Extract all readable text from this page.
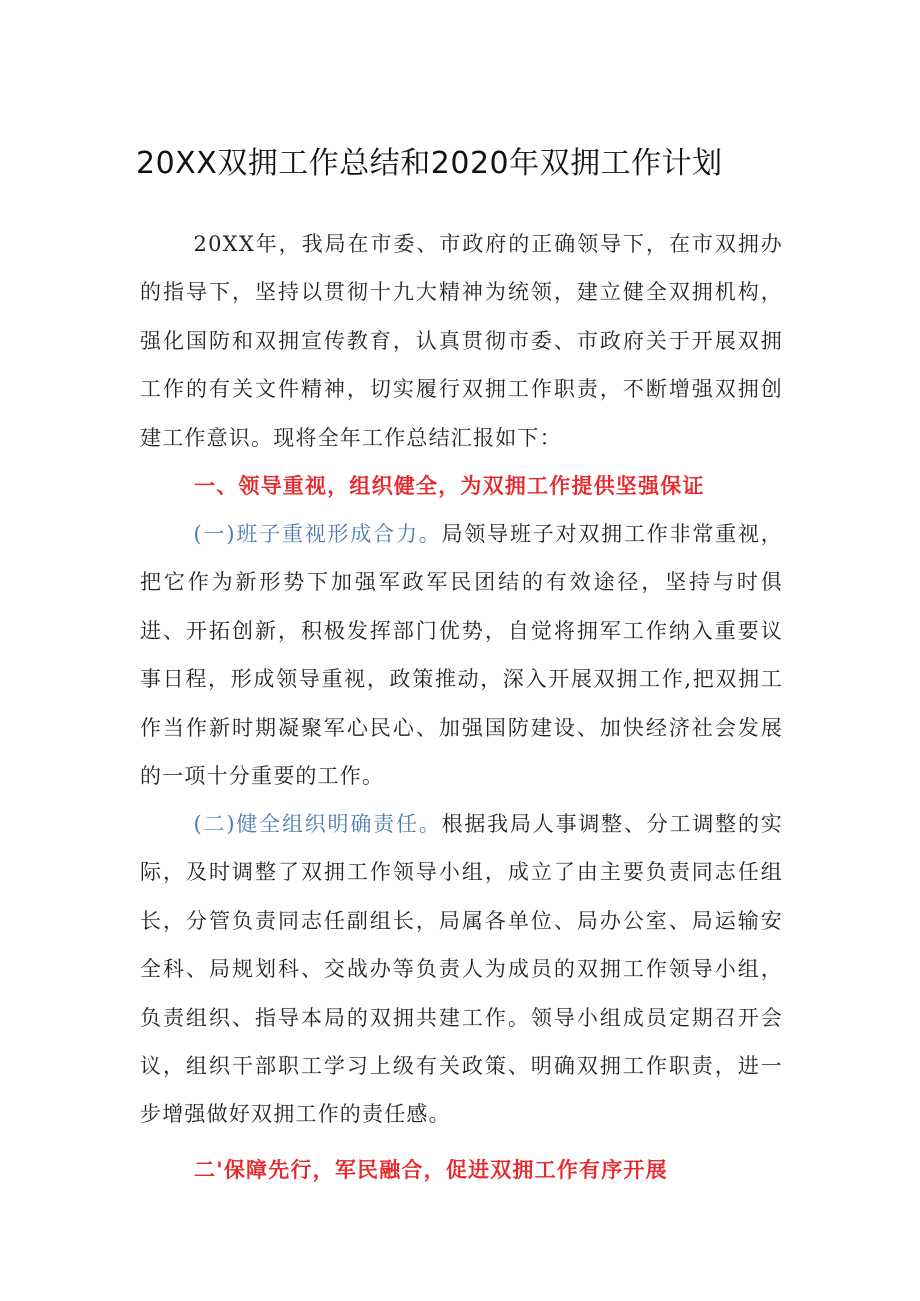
20XX双拥工作总结和2020年双拥工作计划

20XX年，我局在市委、市政府的正确领导下，在市双拥办的指导下，坚持以贯彻十九大精神为统领，建立健全双拥机构，强化国防和双拥宣传教育，认真贯彻市委、市政府关于开展双拥工作的有关文件精神，切实履行双拥工作职责，不断增强双拥创建工作意识。现将全年工作总结汇报如下：

一、领导重视，组织健全，为双拥工作提供坚强保证

(一)班子重视形成合力。局领导班子对双拥工作非常重视，把它作为新形势下加强军政军民团结的有效途径，坚持与时俱进、开拓创新，积极发挥部门优势，自觉将拥军工作纳入重要议事日程，形成领导重视，政策推动，深入开展双拥工作,把双拥工作当作新时期凝聚军心民心、加强国防建设、加快经济社会发展的一项十分重要的工作。

(二)健全组织明确责任。根据我局人事调整、分工调整的实际，及时调整了双拥工作领导小组，成立了由主要负责同志任组长，分管负责同志任副组长，局属各单位、局办公室、局运输安全科、局规划科、交战办等负责人为成员的双拥工作领导小组，负责组织、指导本局的双拥共建工作。领导小组成员定期召开会议，组织干部职工学习上级有关政策、明确双拥工作职责，进一步增强做好双拥工作的责任感。

二'保障先行，军民融合，促进双拥工作有序开展
